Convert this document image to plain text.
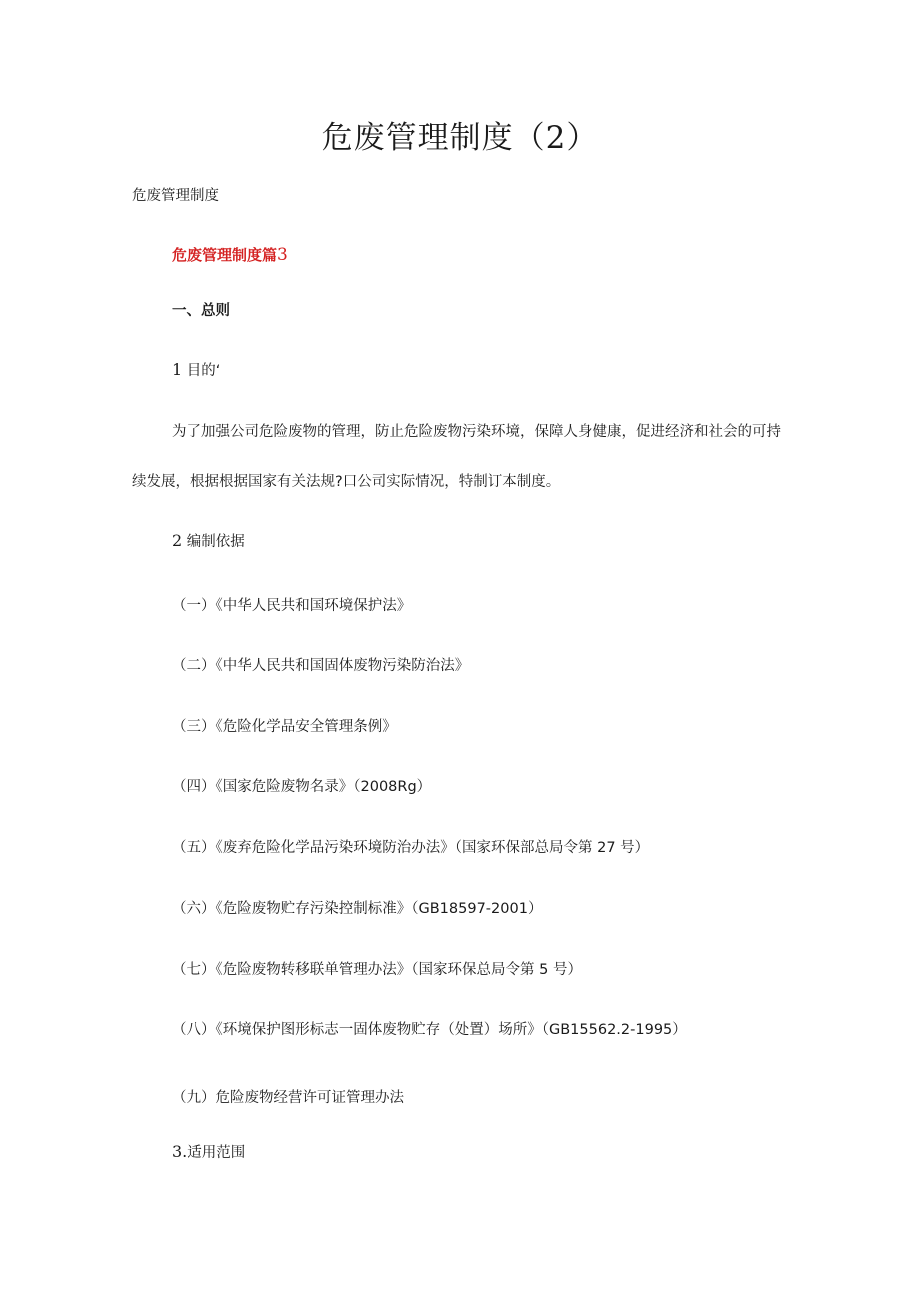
危废管理制度（2）

危废管理制度

危废管理制度篇3

一、总则

1 目的‘

为了加强公司危险废物的管理，防止危险废物污染环境，保障人身健康，促进经济和社会的可持续发展，根据根据国家有关法规?口公司实际情况，特制订本制度。

2 编制依据

（一）《中华人民共和国环境保护法》

（二）《中华人民共和国固体废物污染防治法》

（三）《危险化学品安全管理条例》

（四）《国家危险废物名录》（2008Rg）

（五）《废弃危险化学品污染环境防治办法》（国家环保部总局令第 27 号）

（六）《危险废物贮存污染控制标准》（GB18597-2001）

（七）《危险废物转移联单管理办法》（国家环保总局令第 5 号）

（八）《环境保护图形标志一固体废物贮存（处置）场所》（GB15562.2-1995）

（九）危险废物经营许可证管理办法

3.适用范围
